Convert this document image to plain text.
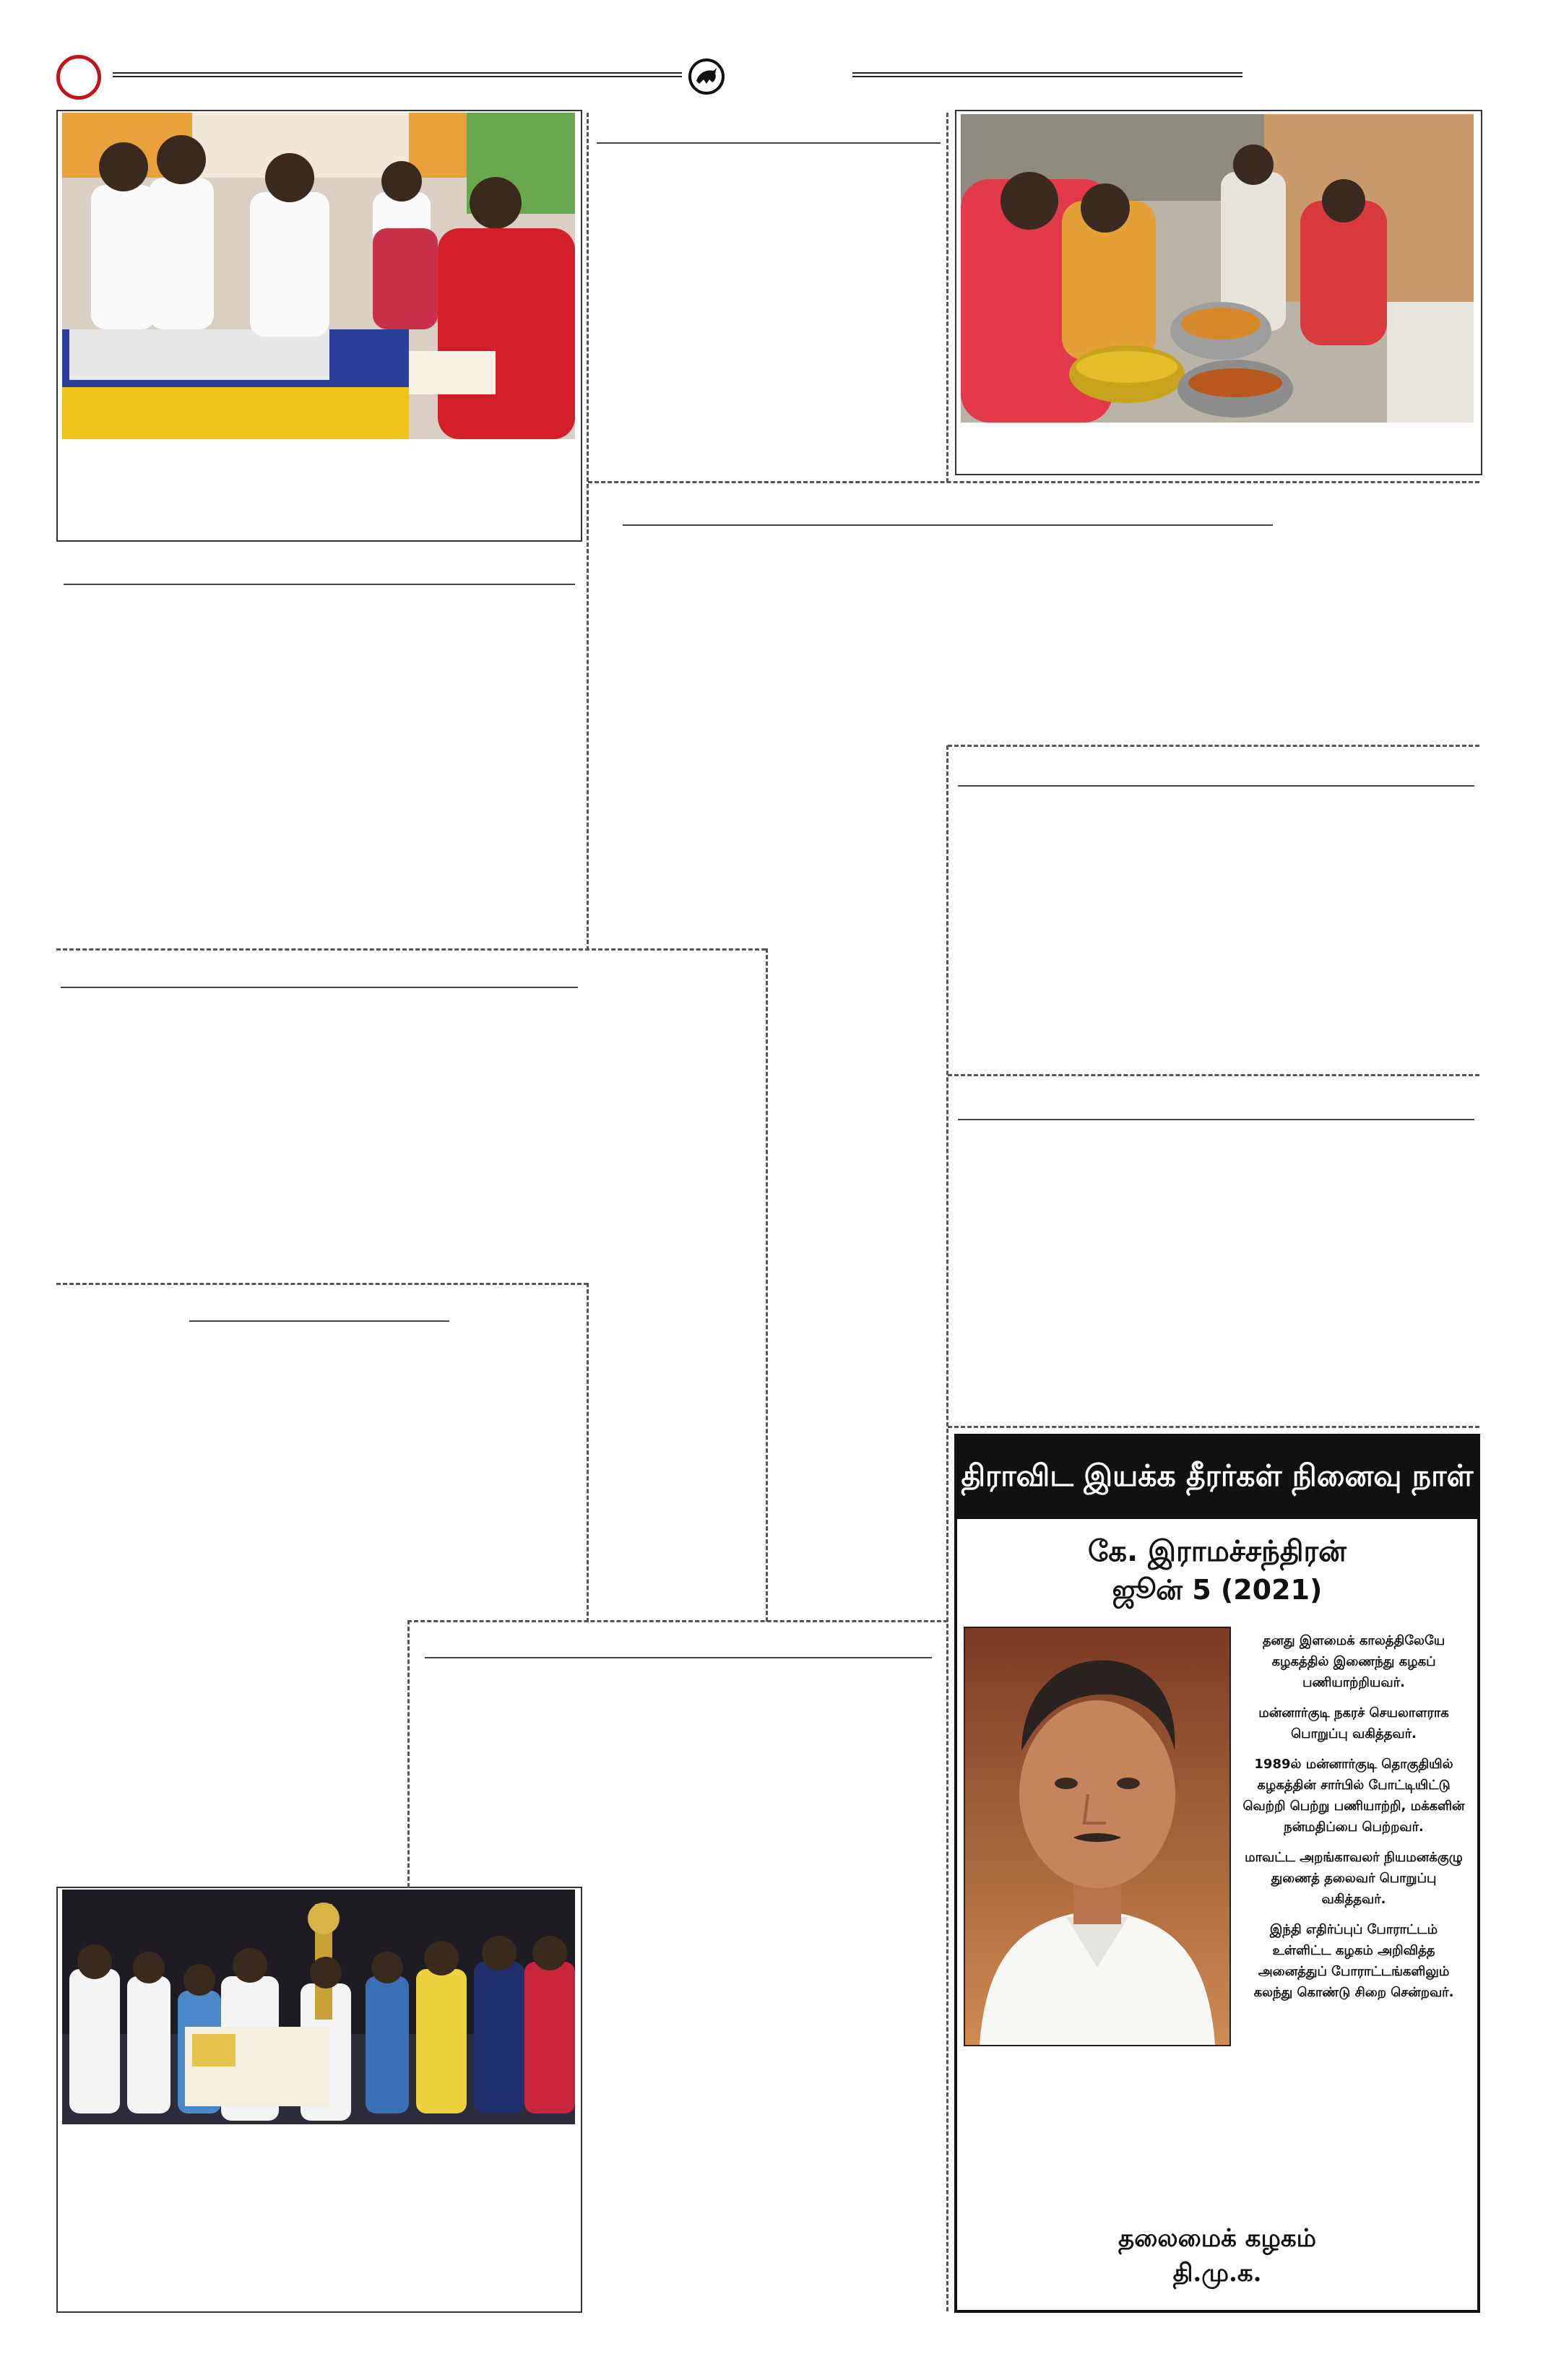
திராவிட இயக்க தீரர்கள் நினைவு நாள்
கே. இராமச்சந்திரன்
ஜூன் 5 (2021)

தனது இளமைக் காலத்திலேயே கழகத்தில் இணைந்து கழகப் பணியாற்றியவர்.

மன்னார்குடி நகரச் செயலாளராக பொறுப்பு வகித்தவர்.

1989ல் மன்னார்குடி தொகுதியில் கழகத்தின் சார்பில் போட்டியிட்டு வெற்றி பெற்று பணியாற்றி, மக்களின் நன்மதிப்பை பெற்றவர்.

மாவட்ட அறங்காவலர் நியமனக்குழு துணைத் தலைவர் பொறுப்பு வகித்தவர்.

இந்தி எதிர்ப்புப் போராட்டம் உள்ளிட்ட கழகம் அறிவித்த அனைத்துப் போராட்டங்களிலும் கலந்து கொண்டு சிறை சென்றவர்.

தலைமைக் கழகம்
தி.மு.க.
